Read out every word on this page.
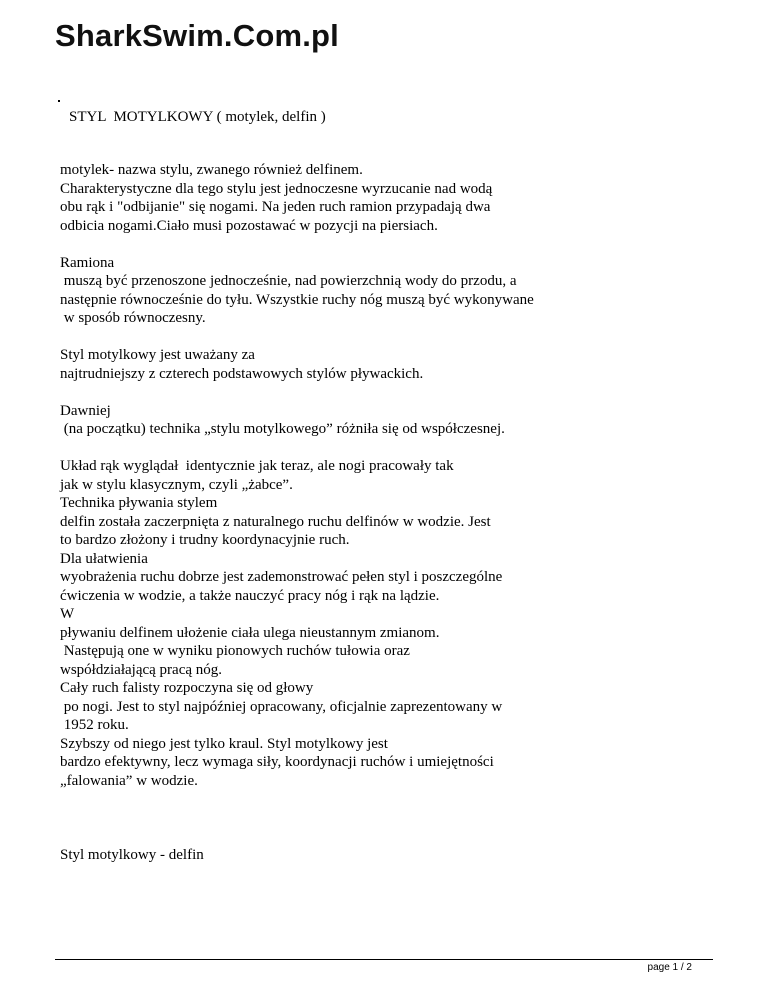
SharkSwim.Com.pl
STYL  MOTYLKOWY ( motylek, delfin )
motylek- nazwa stylu, zwanego również delfinem.
Charakterystyczne dla tego stylu jest jednoczesne wyrzucanie nad wodą
obu rąk i "odbijanie" się nogami. Na jeden ruch ramion przypadają dwa
odbicia nogami.Ciało musi pozostawać w pozycji na piersiach.
Ramiona
muszą być przenoszone jednocześnie, nad powierzchnią wody do przodu, a
następnie równocześnie do tyłu. Wszystkie ruchy nóg muszą być wykonywane
w sposób równoczesny.
Styl motylkowy jest uważany za
najtrudniejszy z czterech podstawowych stylów pływackich.
Dawniej
(na początku) technika „stylu motylkowego” różniła się od współczesnej.
Układ rąk wyglądał  identycznie jak teraz, ale nogi pracowały tak
jak w stylu klasycznym, czyli „żabce”.
Technika pływania stylem
delfin została zaczerpnięta z naturalnego ruchu delfinów w wodzie. Jest
to bardzo złożony i trudny koordynacyjnie ruch.
Dla ułatwienia
wyobrażenia ruchu dobrze jest zademonstrować pełen styl i poszczególne
ćwiczenia w wodzie, a także nauczyć pracy nóg i rąk na lądzie.
W
pływaniu delfinem ułożenie ciała ulega nieustannym zmianom.
Następują one w wyniku pionowych ruchów tułowia oraz
współdziałającą pracą nóg.
Cały ruch falisty rozpoczyna się od głowy
po nogi. Jest to styl najpóźniej opracowany, oficjalnie zaprezentowany w
1952 roku.
Szybszy od niego jest tylko kraul. Styl motylkowy jest
bardzo efektywny, lecz wymaga siły, koordynacji ruchów i umiejętności
„falowania” w wodzie.
Styl motylkowy - delfin
page 1 / 2
